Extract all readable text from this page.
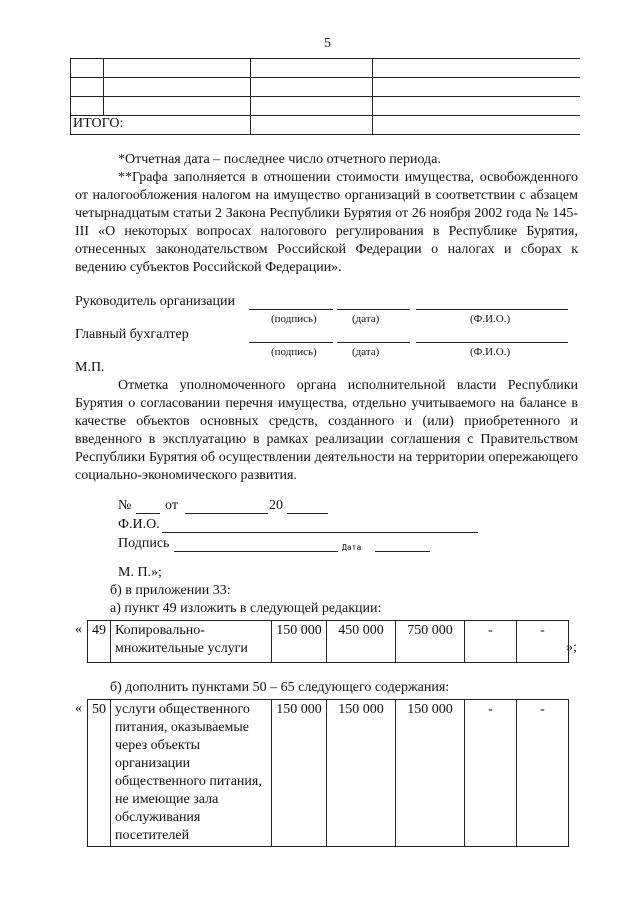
5
ИТОГО:

*Отчетная дата – последнее число отчетного периода.

**Графа заполняется в отношении стоимости имущества, освобожденного от налогообложения налогом на имущество организаций в соответствии с абзацем четырнадцатым статьи 2 Закона Республики Бурятия от 26 ноября 2002 года № 145-III «О некоторых вопросах налогового регулирования в Республике Бурятия, отнесенных законодательством Российской Федерации о налогах и сборах к ведению субъектов Российской Федерации».

Руководитель организации
(подпись)	(дата)	(Ф.И.О.)
Главный бухгалтер
(подпись)	(дата)	(Ф.И.О.)
М.П.

Отметка уполномоченного органа исполнительной власти Республики Бурятия о согласовании перечня имущества, отдельно учитываемого на балансе в качестве объектов основных средств, созданного и (или) приобретенного и введенного в эксплуатацию в рамках реализации соглашения с Правительством Республики Бурятия об осуществлении деятельности на территории опережающего социально-экономического развития.

№ от	20
Ф.И.О.
Подпись	Дата
М. П.»;
б) в приложении 33:
а) пункт 49 изложить в следующей редакции:
« 49	Копировально-множительные услуги	150 000	450 000	750 000	-	-
»;
б) дополнить пунктами 50 – 65 следующего содержания:
« 50	услуги общественного питания, оказываемые через объекты организации общественного питания, не имеющие зала обслуживания посетителей	150 000	150 000	150 000	-	-
